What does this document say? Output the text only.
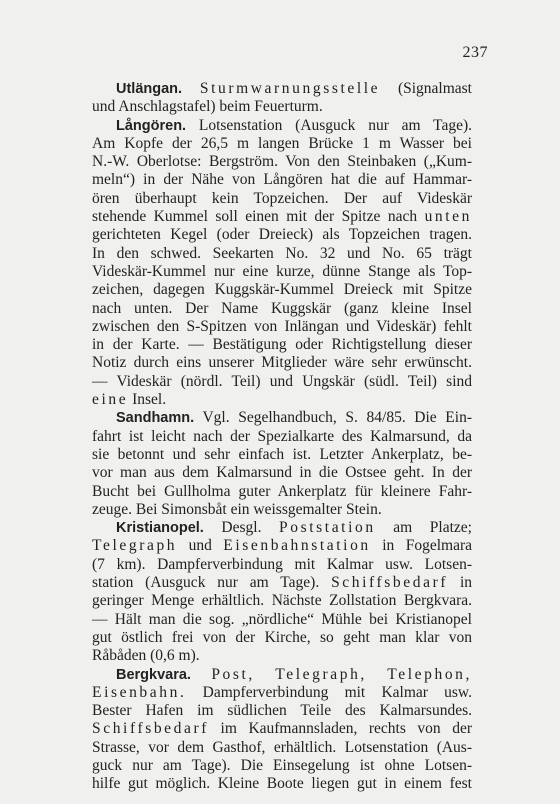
237
Utlängan. Sturmwarnungsstelle (Signalmast
und Anschlagstafel) beim Feuerturm.
Långören. Lotsenstation (Ausguck nur am Tage).
Am Kopfe der 26,5 m langen Brücke 1 m Wasser bei
N.-W. Oberlotse: Bergström. Von den Steinbaken („Kum-
meln“) in der Nähe von Långören hat die auf Hammar-
ören überhaupt kein Topzeichen. Der auf Videskär
stehende Kummel soll einen mit der Spitze nach unten
gerichteten Kegel (oder Dreieck) als Topzeichen tragen.
In den schwed. Seekarten No. 32 und No. 65 trägt
Videskär-Kummel nur eine kurze, dünne Stange als Top-
zeichen, dagegen Kuggskär-Kummel Dreieck mit Spitze
nach unten. Der Name Kuggskär (ganz kleine Insel
zwischen den S-Spitzen von Inlängan und Videskär) fehlt
in der Karte. — Bestätigung oder Richtigstellung dieser
Notiz durch eins unserer Mitglieder wäre sehr erwünscht.
— Videskär (nördl. Teil) und Ungskär (südl. Teil) sind
eine Insel.
Sandhamn. Vgl. Segelhandbuch, S. 84/85. Die Ein-
fahrt ist leicht nach der Spezialkarte des Kalmarsund, da
sie betonnt und sehr einfach ist. Letzter Ankerplatz, be-
vor man aus dem Kalmarsund in die Ostsee geht. In der
Bucht bei Gullholma guter Ankerplatz für kleinere Fahr-
zeuge. Bei Simonsbåt ein weissgemalter Stein.
Kristianopel. Desgl. Poststation am Platze;
Telegraph und Eisenbahnstation in Fogelmara
(7 km). Dampferverbindung mit Kalmar usw. Lotsen-
station (Ausguck nur am Tage). Schiffsbedarf in
geringer Menge erhältlich. Nächste Zollstation Bergkvara.
— Hält man die sog. „nördliche“ Mühle bei Kristianopel
gut östlich frei von der Kirche, so geht man klar von
Råbåden (0,6 m).
Bergkvara. Post, Telegraph, Telephon,
Eisenbahn. Dampferverbindung mit Kalmar usw.
Bester Hafen im südlichen Teile des Kalmarsundes.
Schiffsbedarf im Kaufmannsladen, rechts von der
Strasse, vor dem Gasthof, erhältlich. Lotsenstation (Aus-
guck nur am Tage). Die Einsegelung ist ohne Lotsen-
hilfe gut möglich. Kleine Boote liegen gut in einem fest
